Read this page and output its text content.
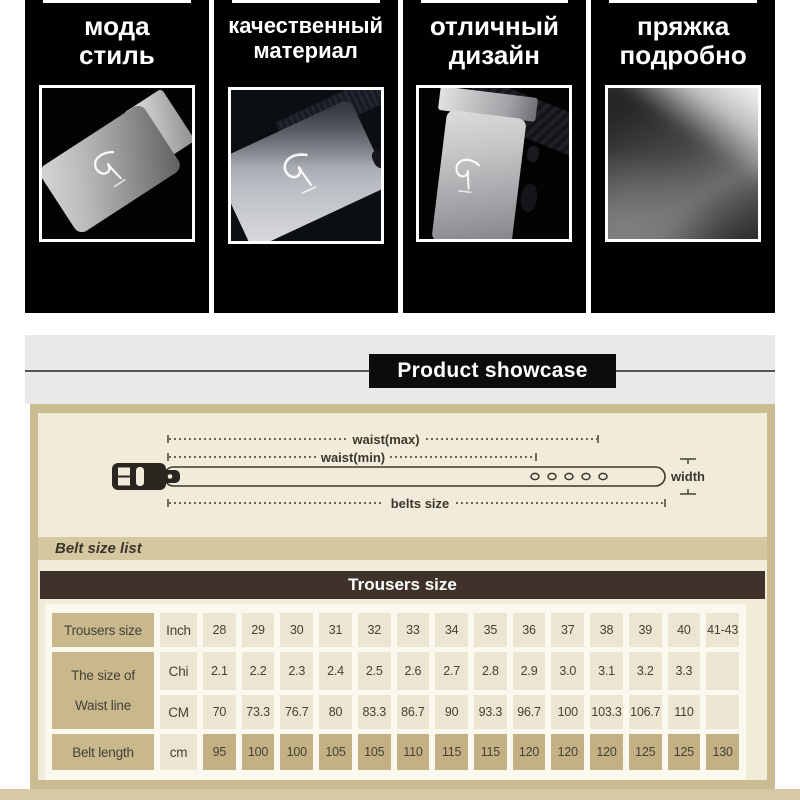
мода
стиль
качественный
материал
отличный
дизайн
пряжка
подробно
Product showcase
waist(max)
waist(min)
belts size
width
Belt size list
Trousers size
Trousers size	Inch	28	29	30	31	32	33	34	35	36	37	38	39	40	41-43
The size of
Waist line
Chi	2.1	2.2	2.3	2.4	2.5	2.6	2.7	2.8	2.9	3.0	3.1	3.2	3.3
CM	70	73.3	76.7	80	83.3	86.7	90	93.3	96.7	100	103.3 106.7	110
Belt length	cm	95	100	100	105	105	110	115	115	120	120	120	125	125	130
